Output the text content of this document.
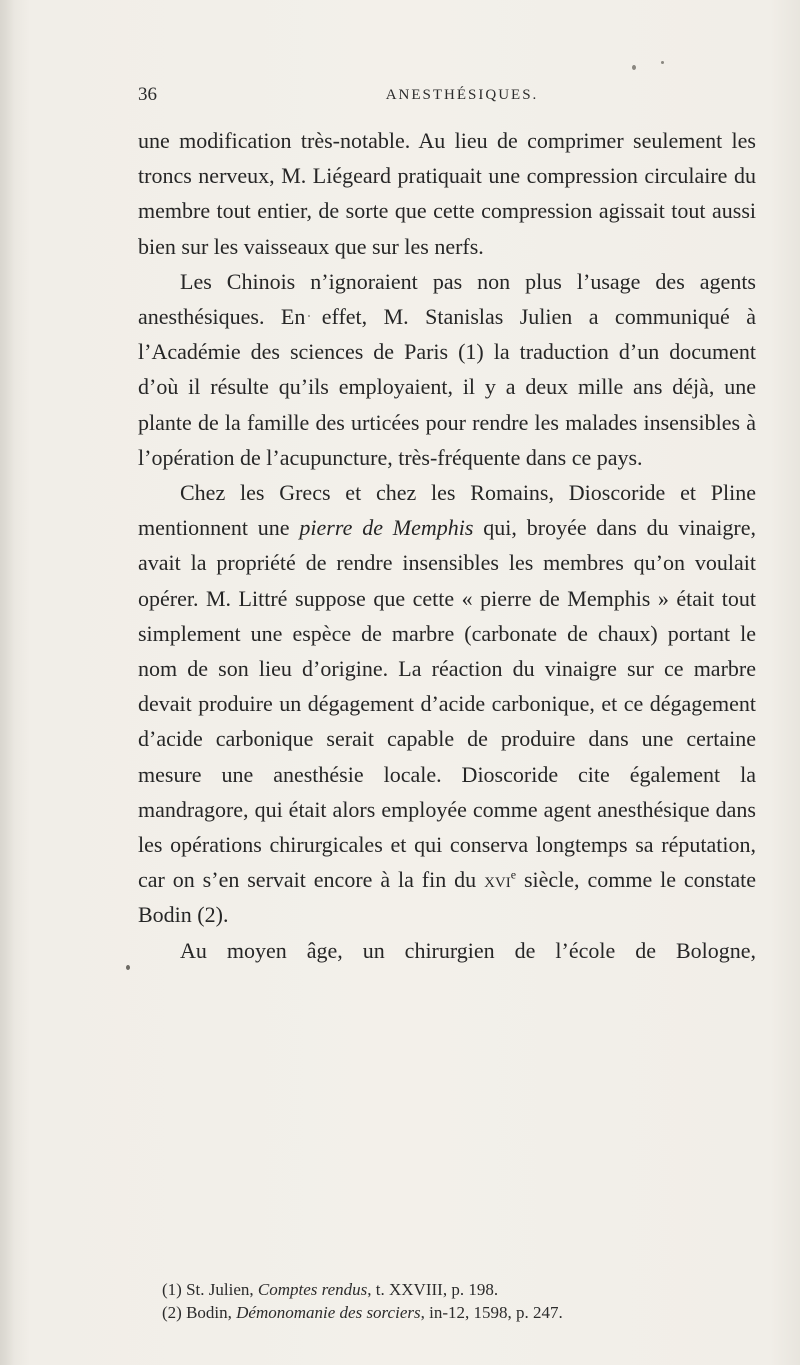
36	ANESTHÉSIQUES.

une modification très-notable. Au lieu de comprimer seulement les troncs nerveux, M. Liégeard pratiquait une compression circulaire du membre tout entier, de sorte que cette compression agissait tout aussi bien sur les vaisseaux que sur les nerfs.

Les Chinois n’ignoraient pas non plus l’usage des agents anesthésiques. En effet, M. Stanislas Julien a communiqué à l’Académie des sciences de Paris (1) la traduction d’un document d’où il résulte qu’ils employaient, il y a deux mille ans déjà, une plante de la famille des urticées pour rendre les malades insensibles à l’opération de l’acupuncture, très-fréquente dans ce pays.

Chez les Grecs et chez les Romains, Dioscoride et Pline mentionnent une pierre de Memphis qui, broyée dans du vinaigre, avait la propriété de rendre insensibles les membres qu’on voulait opérer. M. Littré suppose que cette « pierre de Memphis » était tout simplement une espèce de marbre (carbonate de chaux) portant le nom de son lieu d’origine. La réaction du vinaigre sur ce marbre devait produire un dégagement d’acide carbonique, et ce dégagement d’acide carbonique serait capable de produire dans une certaine mesure une anesthésie locale. Dioscoride cite également la mandragore, qui était alors employée comme agent anesthésique dans les opérations chirurgicales et qui conserva longtemps sa réputation, car on s’en servait encore à la fin du xvi$^e$ siècle, comme le constate Bodin (2).

Au moyen âge, un chirurgien de l’école de Bologne,

(1) St. Julien, Comptes rendus, t. XXVIII, p. 198.

(2) Bodin, Démonomanie des sorciers, in-12, 1598, p. 247.
